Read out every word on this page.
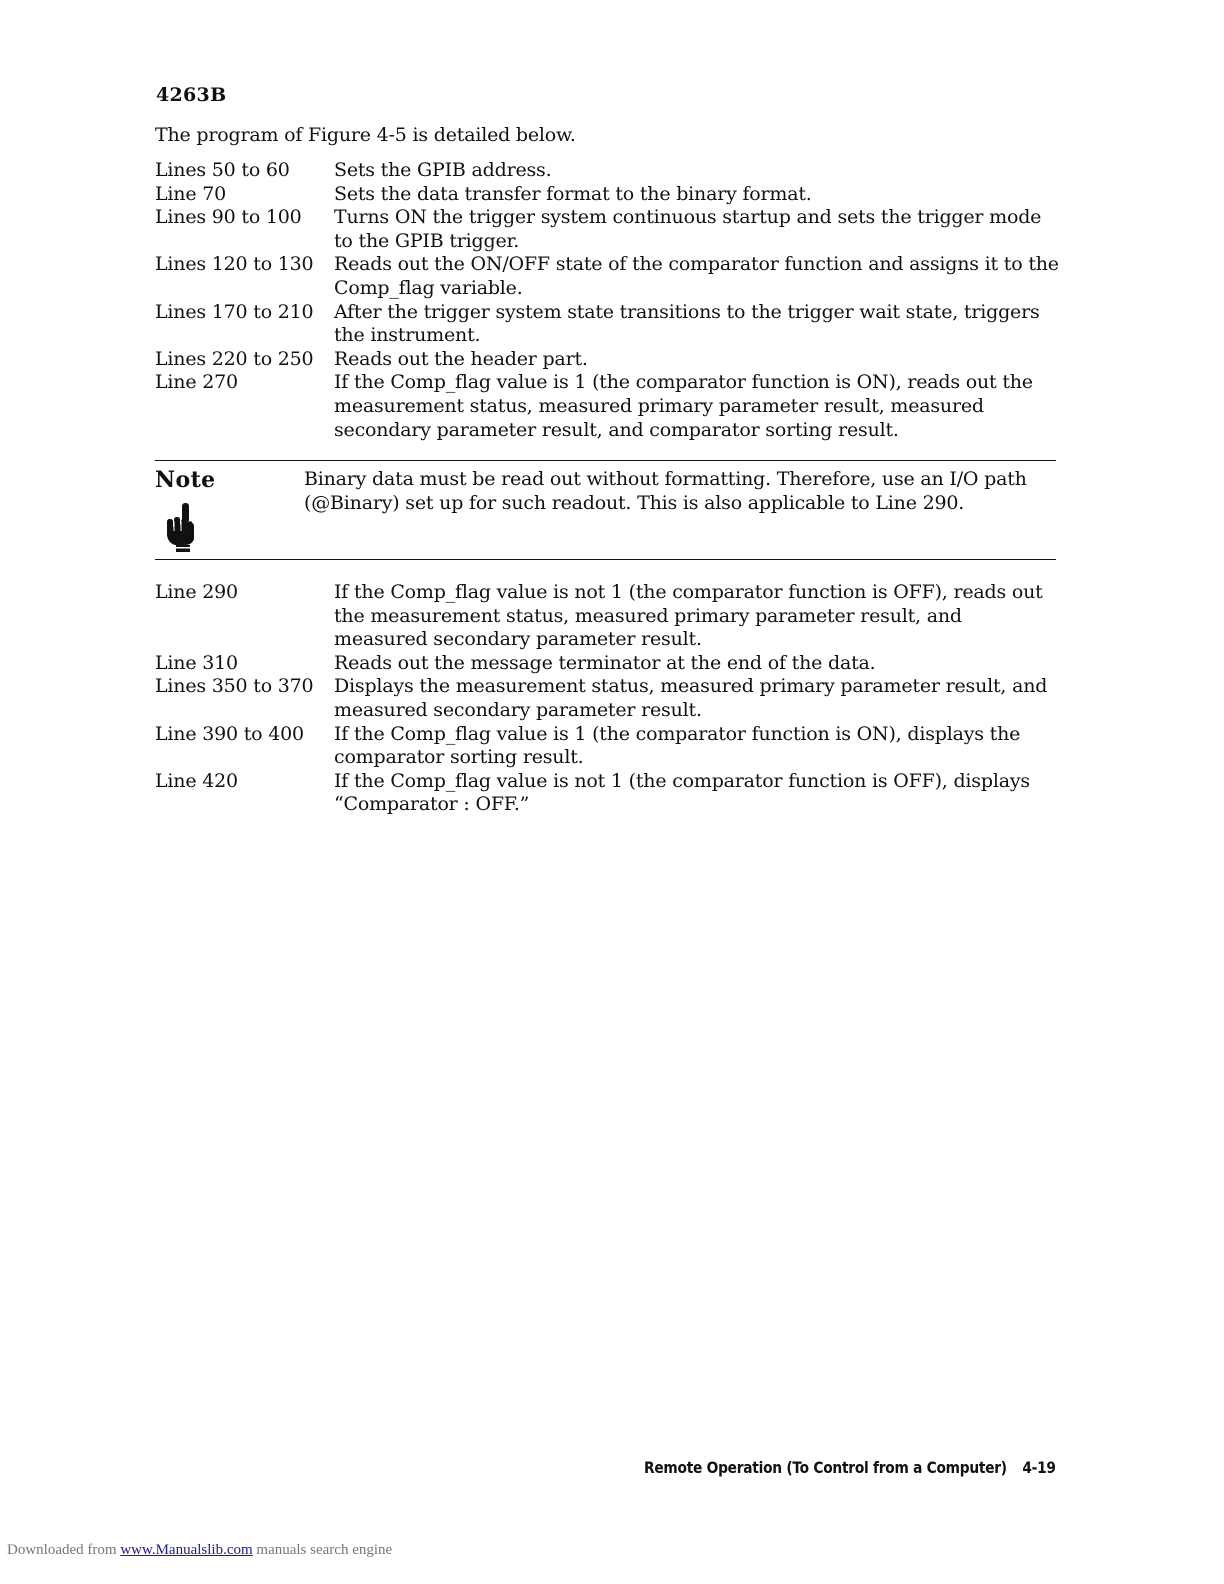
4263B
The program of Figure 4-5 is detailed below.
Lines 50 to 60	Sets the GPIB address.
Line 70	Sets the data transfer format to the binary format.
Lines 90 to 100	Turns ON the trigger system continuous startup and sets the trigger mode to the GPIB trigger.
Lines 120 to 130	Reads out the ON/OFF state of the comparator function and assigns it to the Comp_flag variable.
Lines 170 to 210	After the trigger system state transitions to the trigger wait state, triggers the instrument.
Lines 220 to 250	Reads out the header part.
Line 270	If the Comp_flag value is 1 (the comparator function is ON), reads out the measurement status, measured primary parameter result, measured secondary parameter result, and comparator sorting result.
Note	Binary data must be read out without formatting. Therefore, use an I/O path (@Binary) set up for such readout. This is also applicable to Line 290.
Line 290	If the Comp_flag value is not 1 (the comparator function is OFF), reads out the measurement status, measured primary parameter result, and measured secondary parameter result.
Line 310	Reads out the message terminator at the end of the data.
Lines 350 to 370	Displays the measurement status, measured primary parameter result, and measured secondary parameter result.
Line 390 to 400	If the Comp_flag value is 1 (the comparator function is ON), displays the comparator sorting result.
Line 420	If the Comp_flag value is not 1 (the comparator function is OFF), displays “Comparator : OFF.”
Remote Operation (To Control from a Computer) 4-19
Downloaded from www.Manualslib.com manuals search engine
